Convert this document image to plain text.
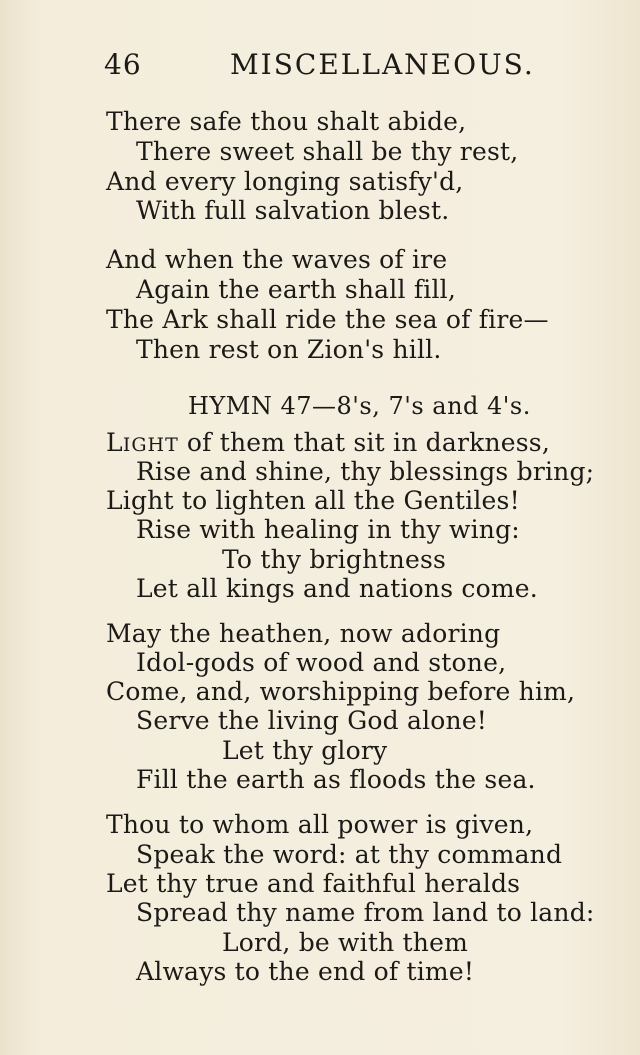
46	MISCELLANEOUS.
There safe thou shalt abide,
There sweet shall be thy rest,
And every longing satisfy'd,
With full salvation blest.
And when the waves of ire
Again the earth shall fill,
The Ark shall ride the sea of fire—
Then rest on Zion's hill.
HYMN 47—8's, 7's and 4's.
LIGHT of them that sit in darkness,
Rise and shine, thy blessings bring;
Light to lighten all the Gentiles!
Rise with healing in thy wing:
To thy brightness
Let all kings and nations come.
May the heathen, now adoring
Idol-gods of wood and stone,
Come, and, worshipping before him,
Serve the living God alone!
Let thy glory
Fill the earth as floods the sea.
Thou to whom all power is given,
Speak the word: at thy command
Let thy true and faithful heralds
Spread thy name from land to land:
Lord, be with them
Always to the end of time!
